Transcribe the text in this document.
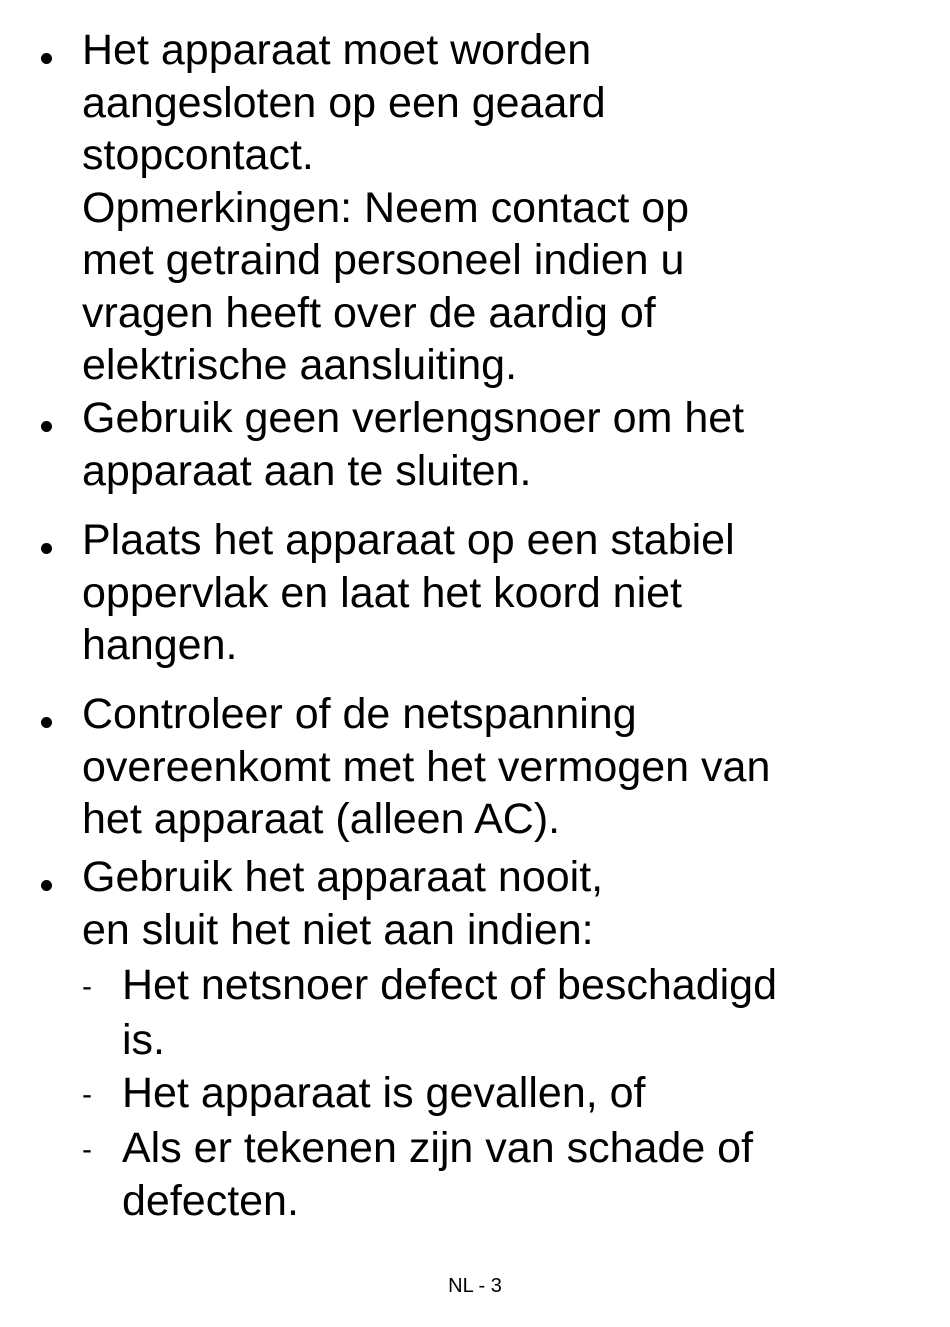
Het apparaat moet worden
aangesloten op een geaard
stopcontact.
Opmerkingen: Neem contact op
met getraind personeel indien u
vragen heeft over de aardig of
elektrische aansluiting.
Gebruik geen verlengsnoer om het
apparaat aan te sluiten.
Plaats het apparaat op een stabiel
oppervlak en laat het koord niet
hangen.
Controleer of de netspanning
overeenkomt met het vermogen van
het apparaat (alleen AC).
Gebruik het apparaat nooit,
en sluit het niet aan indien:
- Het netsnoer defect of beschadigd
is.
- Het apparaat is gevallen, of
- Als er tekenen zijn van schade of
defecten.
NL - 3
